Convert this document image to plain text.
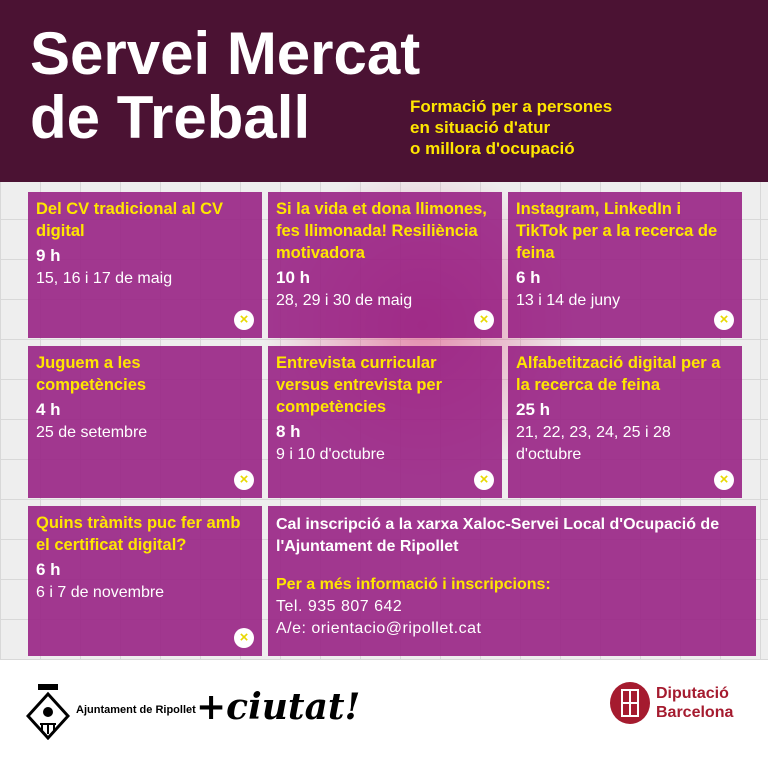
Servei Mercat
de Treball	Formació per a persones
en situació d'atur
o millora d'ocupació
Del CV tradicional al CV digital
9 h
15, 16 i 17 de maig
×
Si la vida et dona llimones, fes llimonada! Resiliència motivadora
10 h
28, 29 i 30 de maig
×
Instagram, LinkedIn i TikTok per a la recerca de feina
6 h
13 i 14 de juny
×
Juguem a les competències
4 h
25 de setembre
×
Entrevista curricular versus entrevista per competències
8 h
9 i 10 d'octubre
×
Alfabetització digital per a la recerca de feina
25 h
21, 22, 23, 24, 25 i 28 d'octubre
×
Quins tràmits puc fer amb el certificat digital?
6 h
6 i 7 de novembre
×
Cal inscripció a la xarxa Xaloc-Servei Local d'Ocupació de l'Ajuntament de Ripollet
Per a més informació i inscripcions:
Tel. 935 807 642
A/e: orientacio@ripollet.cat
Ajuntament de Ripollet +ciutat!	Diputació
Barcelona
